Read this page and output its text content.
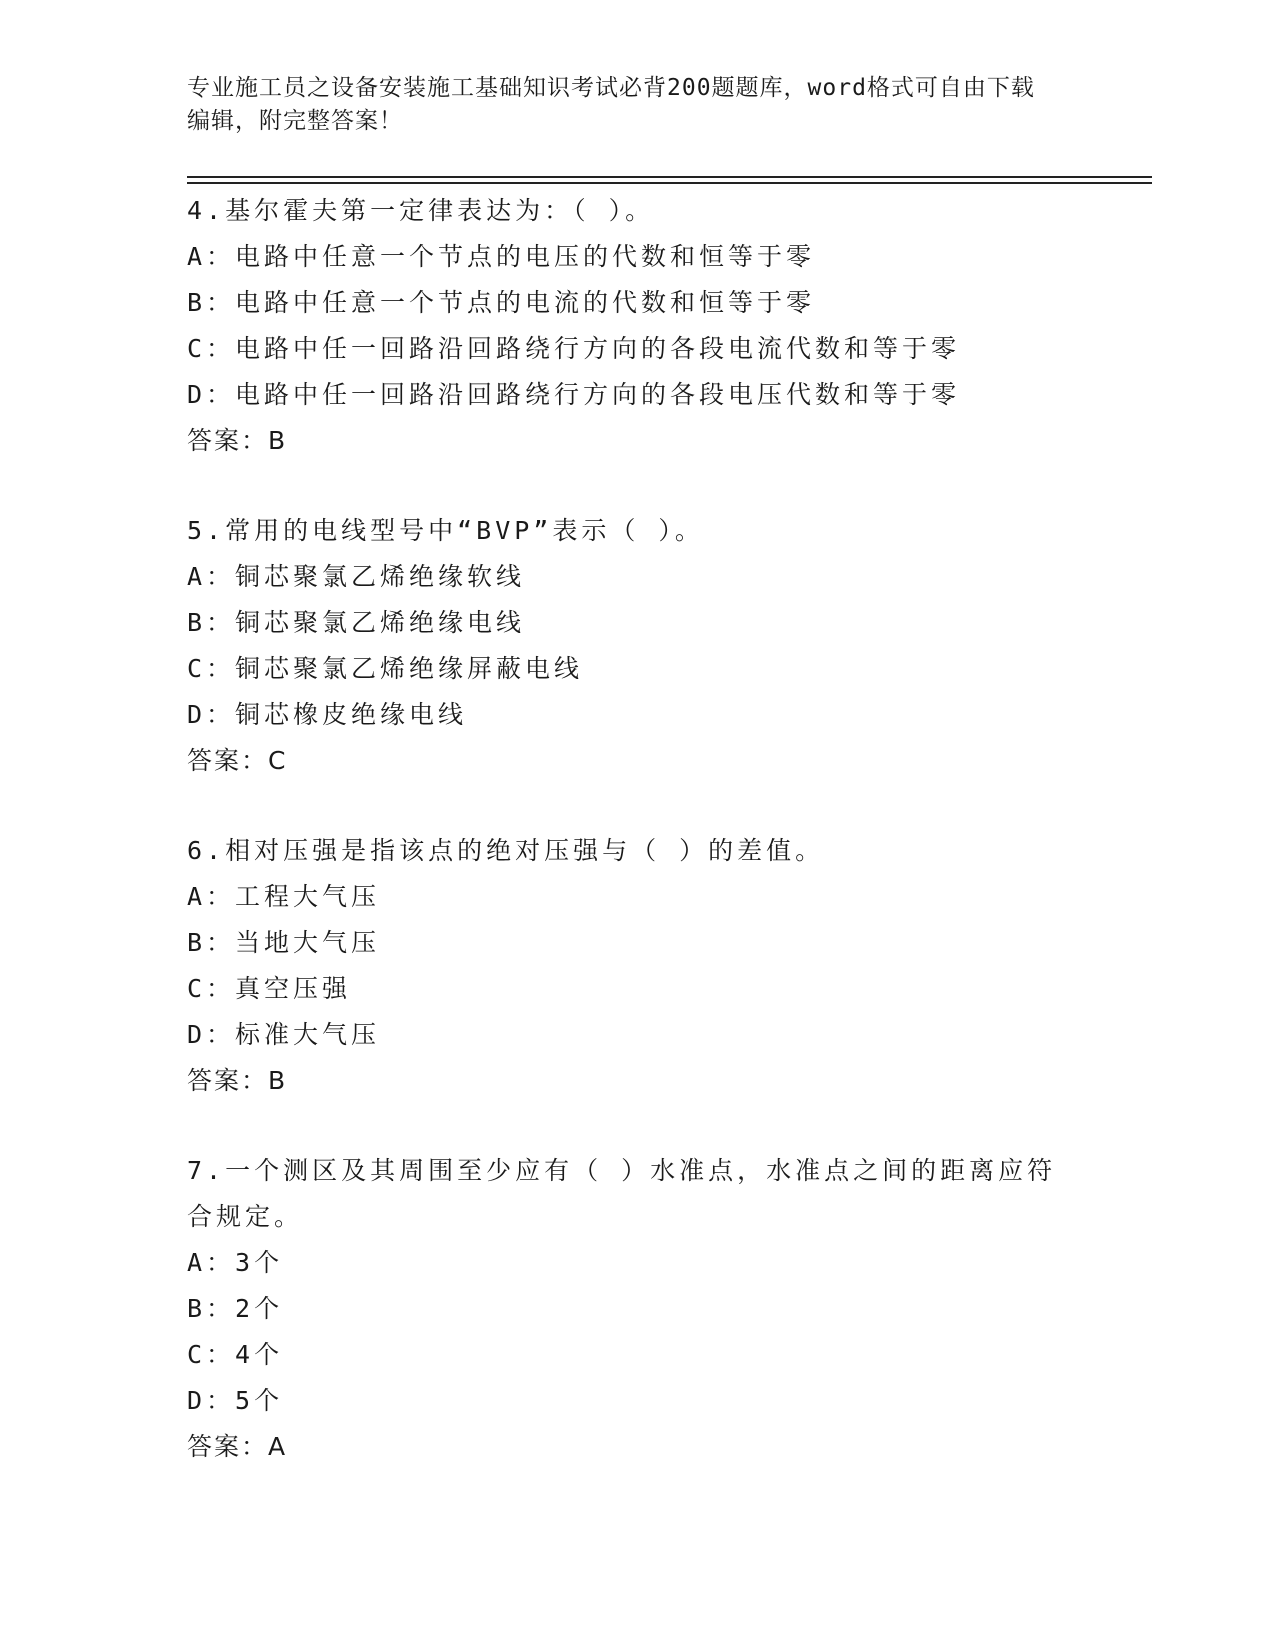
专业施工员之设备安装施工基础知识考试必背200题题库，word格式可自由下载
编辑，附完整答案！

4.基尔霍夫第一定律表达为：（ ）。

A：电路中任意一个节点的电压的代数和恒等于零

B：电路中任意一个节点的电流的代数和恒等于零

C：电路中任一回路沿回路绕行方向的各段电流代数和等于零

D：电路中任一回路沿回路绕行方向的各段电压代数和等于零

答案：B

5.常用的电线型号中“BVP”表示（ ）。

A：铜芯聚氯乙烯绝缘软线

B：铜芯聚氯乙烯绝缘电线

C：铜芯聚氯乙烯绝缘屏蔽电线

D：铜芯橡皮绝缘电线

答案：C

6.相对压强是指该点的绝对压强与（ ）的差值。

A：工程大气压

B：当地大气压

C：真空压强

D：标准大气压

答案：B

7.一个测区及其周围至少应有（ ）水准点，水准点之间的距离应符合规定。

A：3个

B：2个

C：4个

D：5个

答案：A
